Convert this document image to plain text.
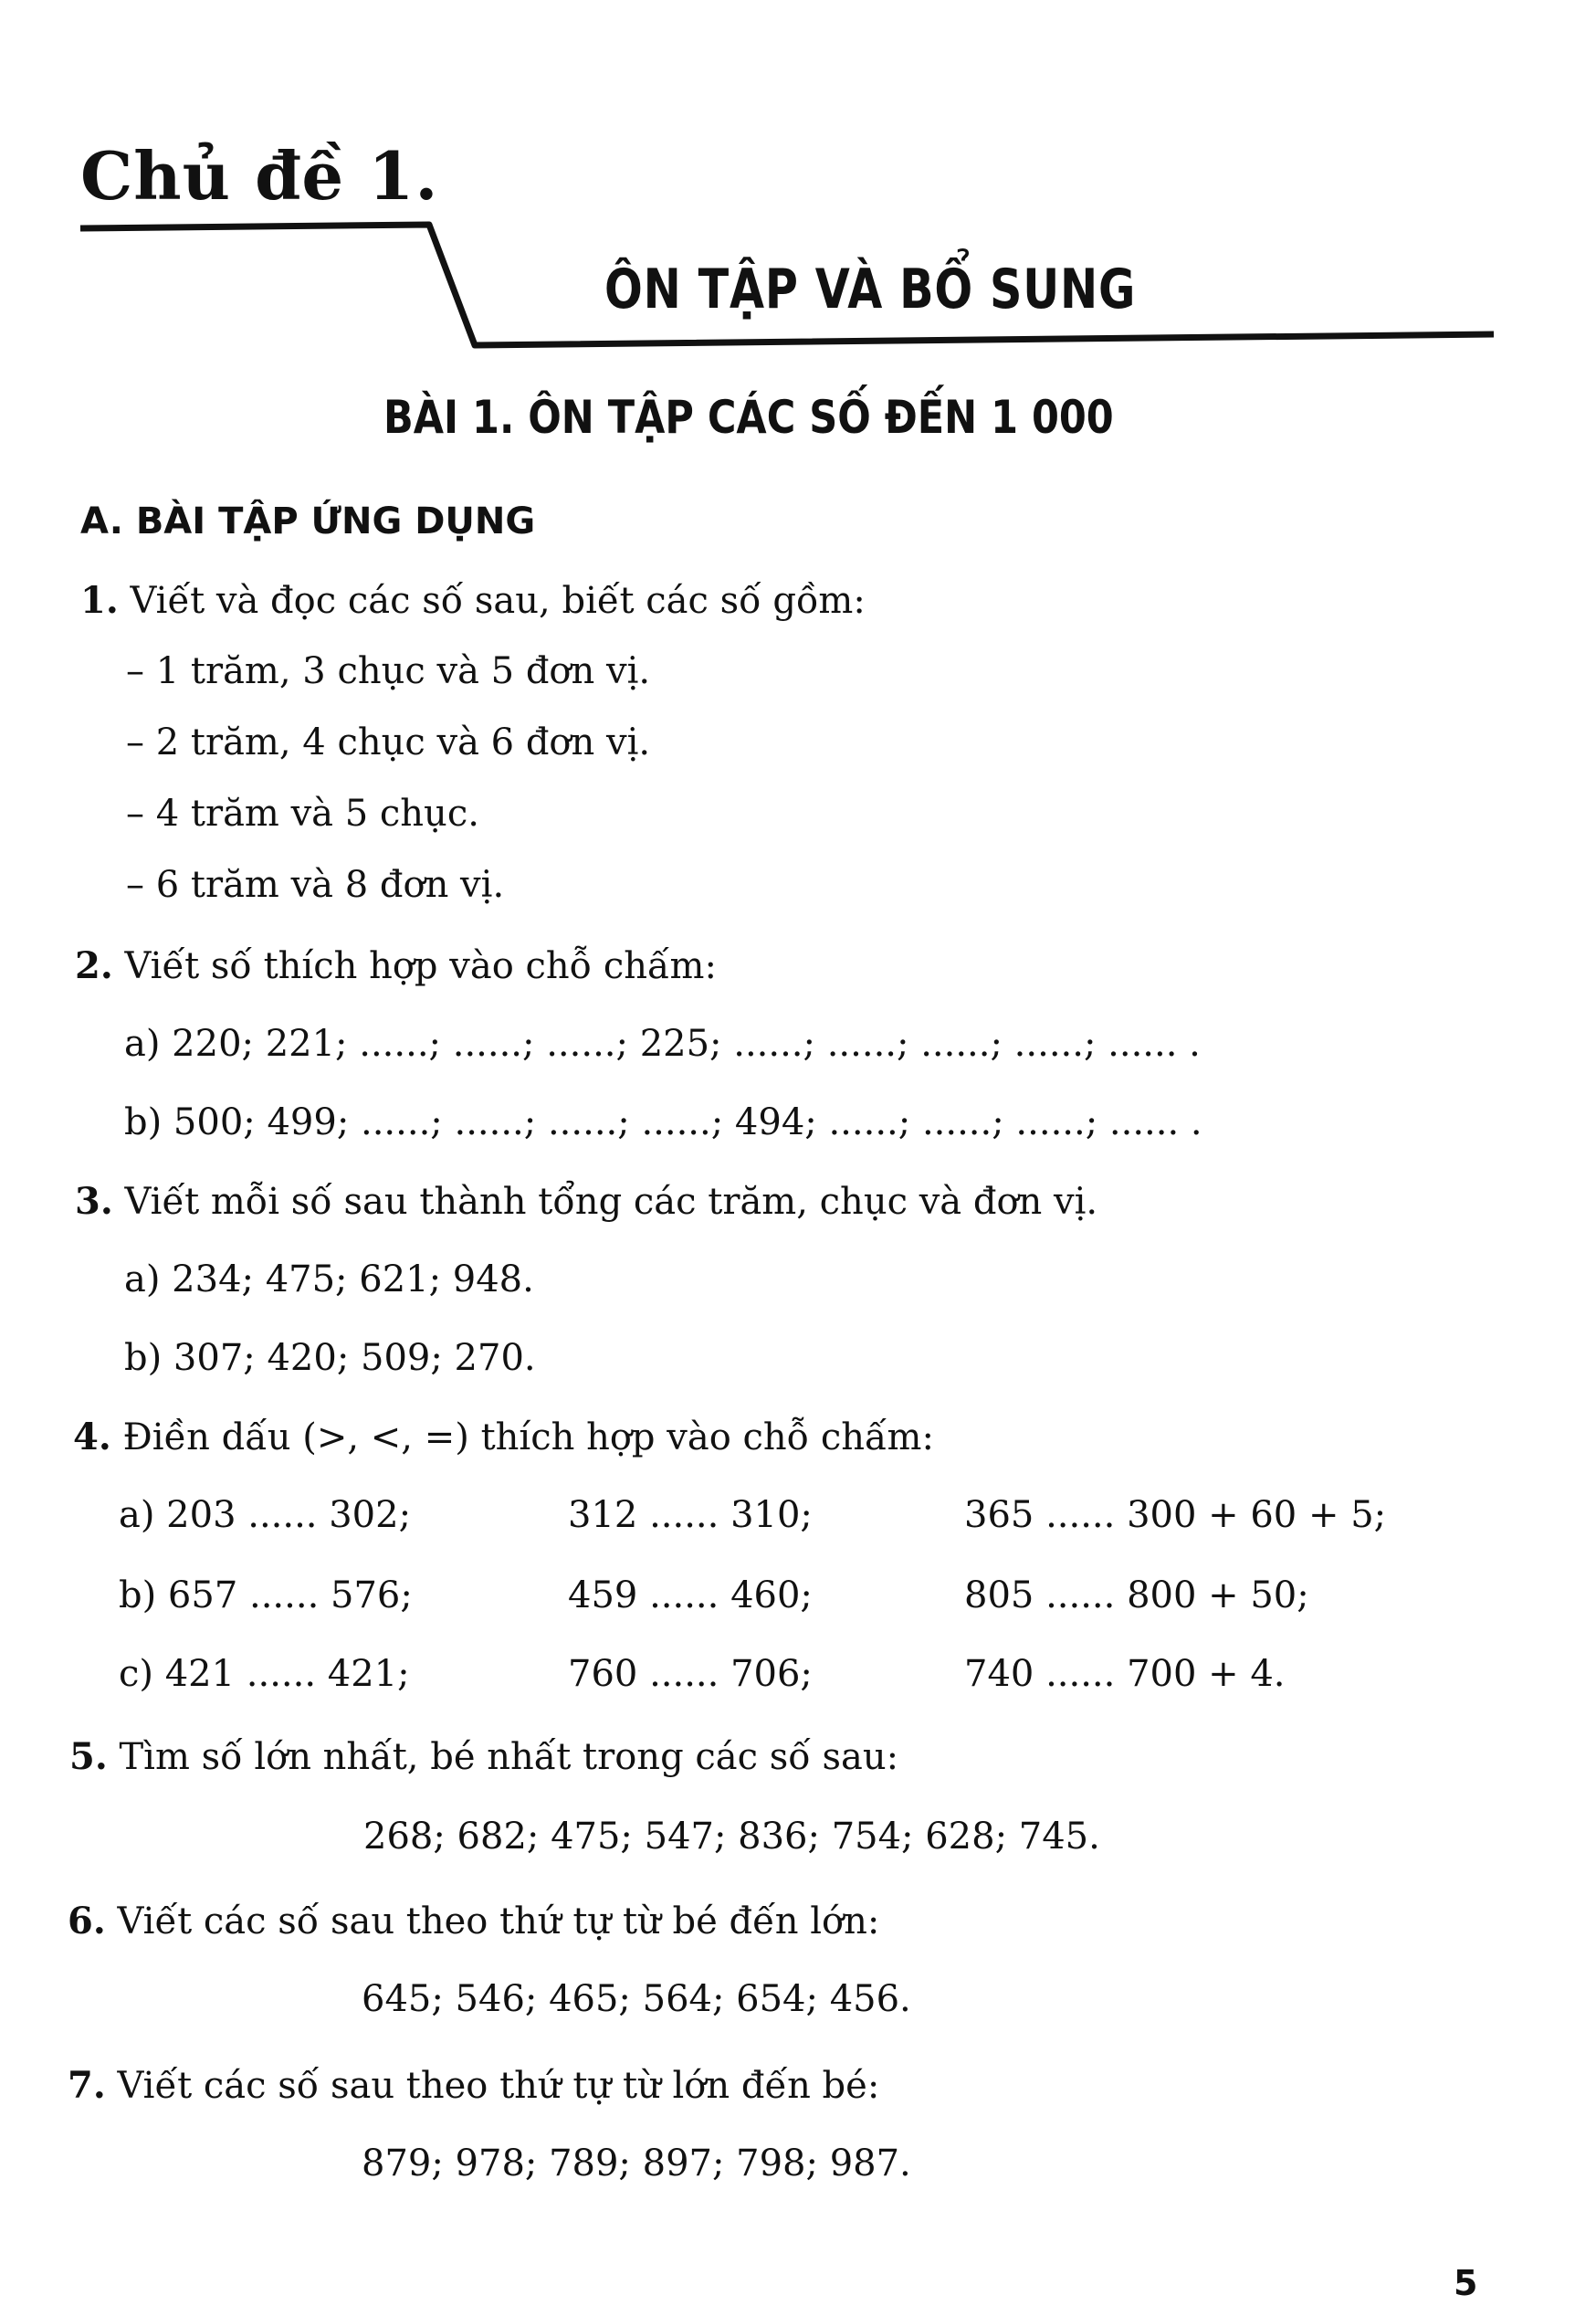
Chủ đề 1.
ÔN TẬP VÀ BỔ SUNG
BÀI 1. ÔN TẬP CÁC SỐ ĐẾN 1 000
A. BÀI TẬP ỨNG DỤNG
1. Viết và đọc các số sau, biết các số gồm:
– 1 trăm, 3 chục và 5 đơn vị.
– 2 trăm, 4 chục và 6 đơn vị.
– 4 trăm và 5 chục.
– 6 trăm và 8 đơn vị.
2. Viết số thích hợp vào chỗ chấm:
a) 220; 221; ......; ......; ......; 225; ......; ......; ......; ......; ...... .
b) 500; 499; ......; ......; ......; ......; 494; ......; ......; ......; ...... .
3. Viết mỗi số sau thành tổng các trăm, chục và đơn vị.
a) 234; 475; 621; 948.
b) 307; 420; 509; 270.
4. Điền dấu (>, <, =) thích hợp vào chỗ chấm:
a) 203 ...... 302;	312 ...... 310;	365 ...... 300 + 60 + 5;
b) 657 ...... 576;	459 ...... 460;	805 ...... 800 + 50;
c) 421 ...... 421;	760 ...... 706;	740 ...... 700 + 4.
5. Tìm số lớn nhất, bé nhất trong các số sau:
268; 682; 475; 547; 836; 754; 628; 745.
6. Viết các số sau theo thứ tự từ bé đến lớn:
645; 546; 465; 564; 654; 456.
7. Viết các số sau theo thứ tự từ lớn đến bé:
879; 978; 789; 897; 798; 987.
5
